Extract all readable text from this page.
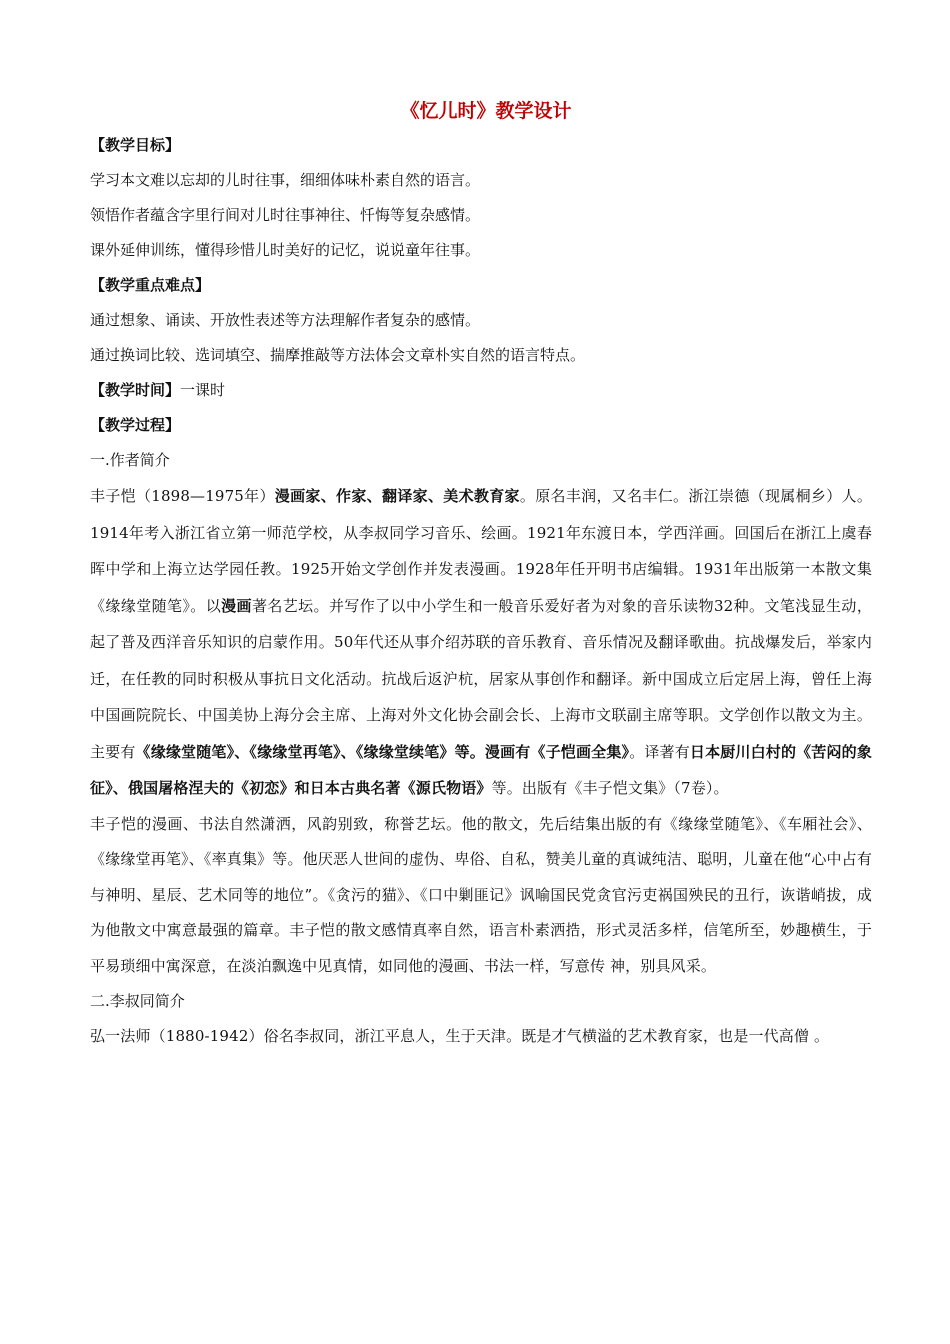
《忆儿时》教学设计

【教学目标】

学习本文难以忘却的儿时往事，细细体味朴素自然的语言。

领悟作者蕴含字里行间对儿时往事神往、忏悔等复杂感情。

课外延伸训练，懂得珍惜儿时美好的记忆，说说童年往事。

【教学重点难点】

通过想象、诵读、开放性表述等方法理解作者复杂的感情。

通过换词比较、选词填空、揣摩推敲等方法体会文章朴实自然的语言特点。

【教学时间】一课时

【教学过程】

一.作者简介

丰子恺（1898—1975年）漫画家、作家、翻译家、美术教育家。原名丰润，又名丰仁。浙江崇德（现属桐乡）人。1914年考入浙江省立第一师范学校，从李叔同学习音乐、绘画。1921年东渡日本，学西洋画。回国后在浙江上虞春晖中学和上海立达学园任教。1925开始文学创作并发表漫画。1928年任开明书店编辑。1931年出版第一本散文集《缘缘堂随笔》。以漫画著名艺坛。并写作了以中小学生和一般音乐爱好者为对象的音乐读物32种。文笔浅显生动，起了普及西洋音乐知识的启蒙作用。50年代还从事介绍苏联的音乐教育、音乐情况及翻译歌曲。抗战爆发后，举家内迁，在任教的同时积极从事抗日文化活动。抗战后返沪杭，居家从事创作和翻译。新中国成立后定居上海，曾任上海中国画院院长、中国美协上海分会主席、上海对外文化协会副会长、上海市文联副主席等职。文学创作以散文为主。主要有《缘缘堂随笔》、《缘缘堂再笔》、《缘缘堂续笔》等。漫画有《子恺画全集》。译著有日本厨川白村的《苦闷的象征》、俄国屠格涅夫的《初恋》和日本古典名著《源氏物语》等。出版有《丰子恺文集》（7卷）。

丰子恺的漫画、书法自然潇洒，风韵别致，称誉艺坛。他的散文，先后结集出版的有《缘缘堂随笔》、《车厢社会》、《缘缘堂再笔》、《率真集》等。他厌恶人世间的虚伪、卑俗、自私，赞美儿童的真诚纯洁、聪明，儿童在他“心中占有与神明、星辰、艺术同等的地位”。《贪污的猫》、《口中剿匪记》讽喻国民党贪官污吏祸国殃民的丑行，诙谐峭拔，成为他散文中寓意最强的篇章。丰子恺的散文感情真率自然，语言朴素洒捁，形式灵活多样，信笔所至，妙趣横生，于平易琐细中寓深意，在淡泊飘逸中见真情，如同他的漫画、书法一样，写意传 神，别具风采。

二.李叔同简介

弘一法师（1880-1942）俗名李叔同，浙江平息人，生于天津。既是才气横溢的艺术教育家，也是一代高僧 。
